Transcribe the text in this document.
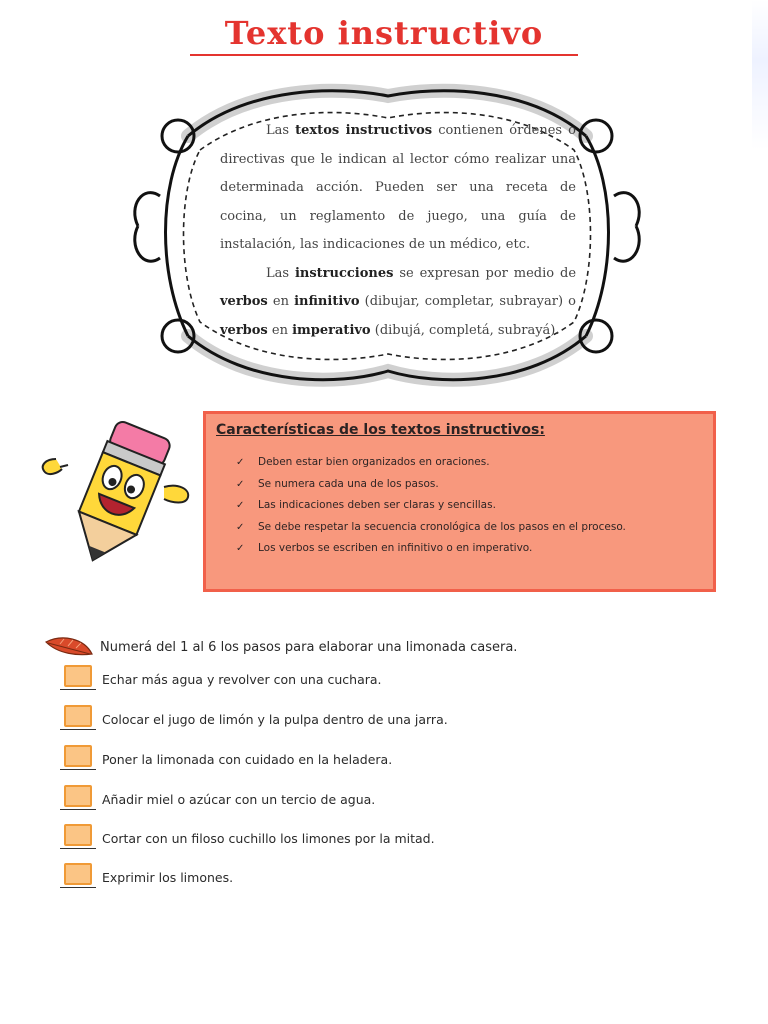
Texto instructivo

Las textos instructivos contienen órdenes o directivas que le indican al lector cómo realizar una determinada acción. Pueden ser una receta de cocina, un reglamento de juego, una guía de instalación, las indicaciones de un médico, etc.

Las instrucciones se expresan por medio de verbos en infinitivo (dibujar, completar, subrayar) o verbos en imperativo (dibujá, completá, subrayá).

Características de los textos instructivos:
✓ Deben estar bien organizados en oraciones.
✓ Se numera cada una de los pasos.
✓ Las indicaciones deben ser claras y sencillas.
✓ Se debe respetar la secuencia cronológica de los pasos en el proceso.
✓ Los verbos se escriben en infinitivo o en imperativo.
Numerá del 1 al 6 los pasos para elaborar una limonada casera.
Echar más agua y revolver con una cuchara.
Colocar el jugo de limón y la pulpa dentro de una jarra.
Poner la limonada con cuidado en la heladera.
Añadir miel o azúcar con un tercio de agua.
Cortar con un filoso cuchillo los limones por la mitad.
Exprimir los limones.
